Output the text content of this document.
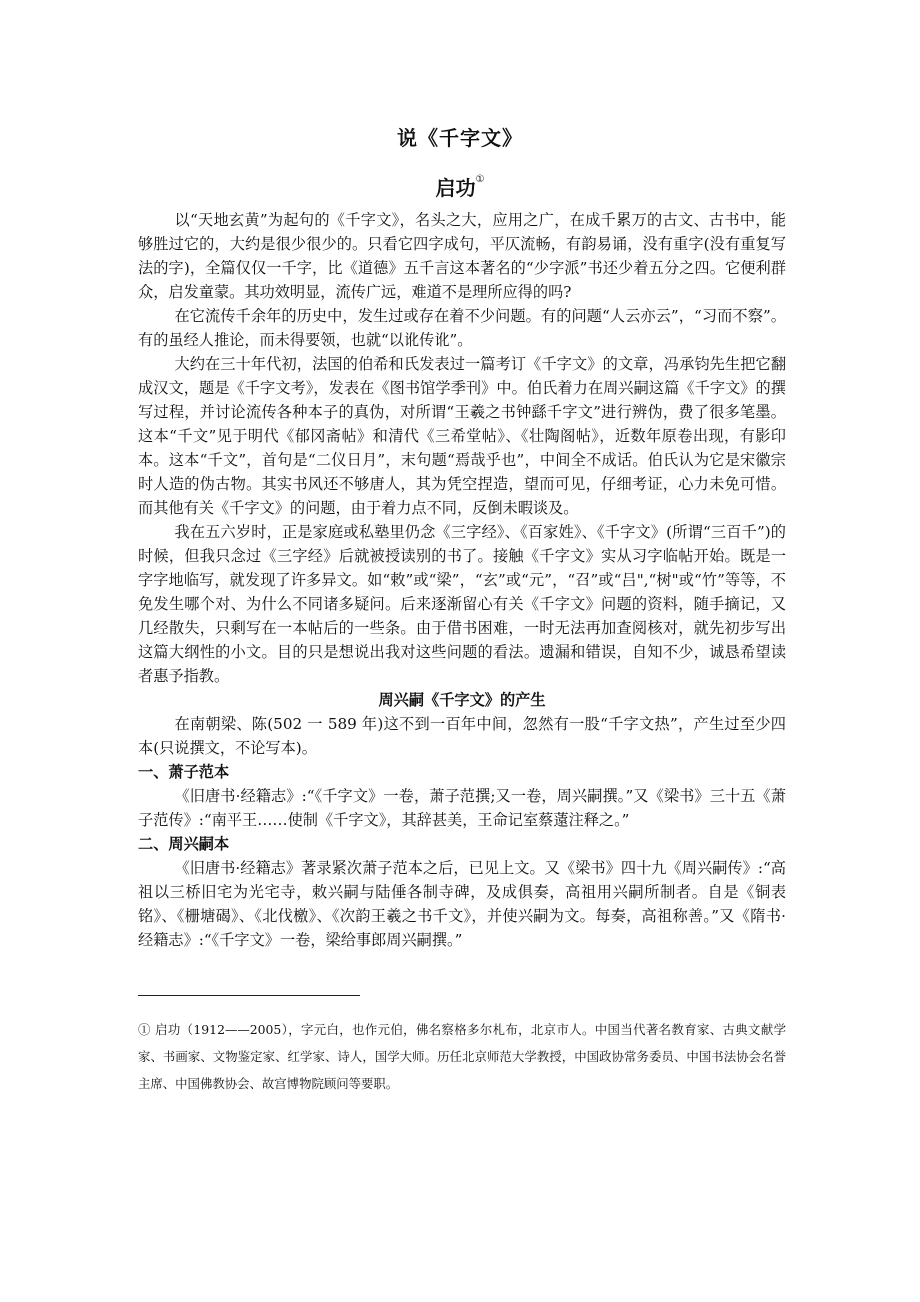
说《千字文》
启功①

以“天地玄黄”为起句的《千字文》，名头之大，应用之广，在成千累万的古文、古书中，能够胜过它的，大约是很少很少的。只看它四字成句，平仄流畅，有韵易诵，没有重字(没有重复写法的字)，全篇仅仅一千字，比《道德》五千言这本著名的“少字派”书还少着五分之四。它便利群众，启发童蒙。其功效明显，流传广远，难道不是理所应得的吗?

在它流传千余年的历史中，发生过或存在着不少问题。有的问题“人云亦云”，“习而不察”。有的虽经人推论，而未得要领，也就“以讹传讹”。

大约在三十年代初，法国的伯希和氏发表过一篇考订《千字文》的文章，冯承钧先生把它翻成汉文，题是《千字文考》，发表在《图书馆学季刊》中。伯氏着力在周兴嗣这篇《千字文》的撰写过程，并讨论流传各种本子的真伪，对所谓“王羲之书钟繇千字文”进行辨伪，费了很多笔墨。这本“千文”见于明代《郁冈斋帖》和清代《三希堂帖》、《壮陶阁帖》，近数年原卷出现，有影印本。这本“千文”，首句是“二仪日月”，末句题“焉哉乎也”，中间全不成话。伯氏认为它是宋徽宗时人造的伪古物。其实书风还不够唐人，其为凭空捏造，望而可见，仔细考证，心力未免可惜。而其他有关《千字文》的问题，由于着力点不同，反倒未暇谈及。

我在五六岁时，正是家庭或私塾里仍念《三字经》、《百家姓》、《千字文》(所谓“三百千”)的时候，但我只念过《三字经》后就被授读别的书了。接触《千字文》实从习字临帖开始。既是一字字地临写，就发现了许多异文。如“敕”或“梁”，“玄”或“元”，“召”或“吕",“树"或“竹”等等，不免发生哪个对、为什么不同诸多疑问。后来逐渐留心有关《千字文》问题的资料，随手摘记，又几经散失，只剩写在一本帖后的一些条。由于借书困难，一时无法再加查阅核对，就先初步写出这篇大纲性的小文。目的只是想说出我对这些问题的看法。遗漏和错误，自知不少，诚恳希望读者惠予指教。

周兴嗣《千字文》的产生

在南朝梁、陈(502 一 589 年)这不到一百年中间，忽然有一股“千字文热”，产生过至少四本(只说撰文，不论写本)。

一、萧子范本

《旧唐书·经籍志》:“《千字文》一卷，萧子范撰;又一卷，周兴嗣撰。”又《梁书》三十五《萧子范传》:“南平王……使制《千字文》，其辞甚美，王命记室蔡薳注释之。”

二、周兴嗣本

《旧唐书·经籍志》著录紧次萧子范本之后，已见上文。又《梁书》四十九《周兴嗣传》:“高祖以三桥旧宅为光宅寺，敕兴嗣与陆倕各制寺碑，及成俱奏，高祖用兴嗣所制者。自是《铜表铭》、《栅塘碣》、《北伐檄》、《次韵王羲之书千文》，并使兴嗣为文。每奏，高祖称善。”又《隋书·经籍志》:“《千字文》一卷，梁给事郎周兴嗣撰。”

① 启功（1912——2005），字元白，也作元伯，佛名察格多尔札布，北京市人。中国当代著名教育家、古典文献学家、书画家、文物鉴定家、红学家、诗人，国学大师。历任北京师范大学教授，中国政协常务委员、中国书法协会名誉主席、中国佛教协会、故宫博物院顾问等要职。
